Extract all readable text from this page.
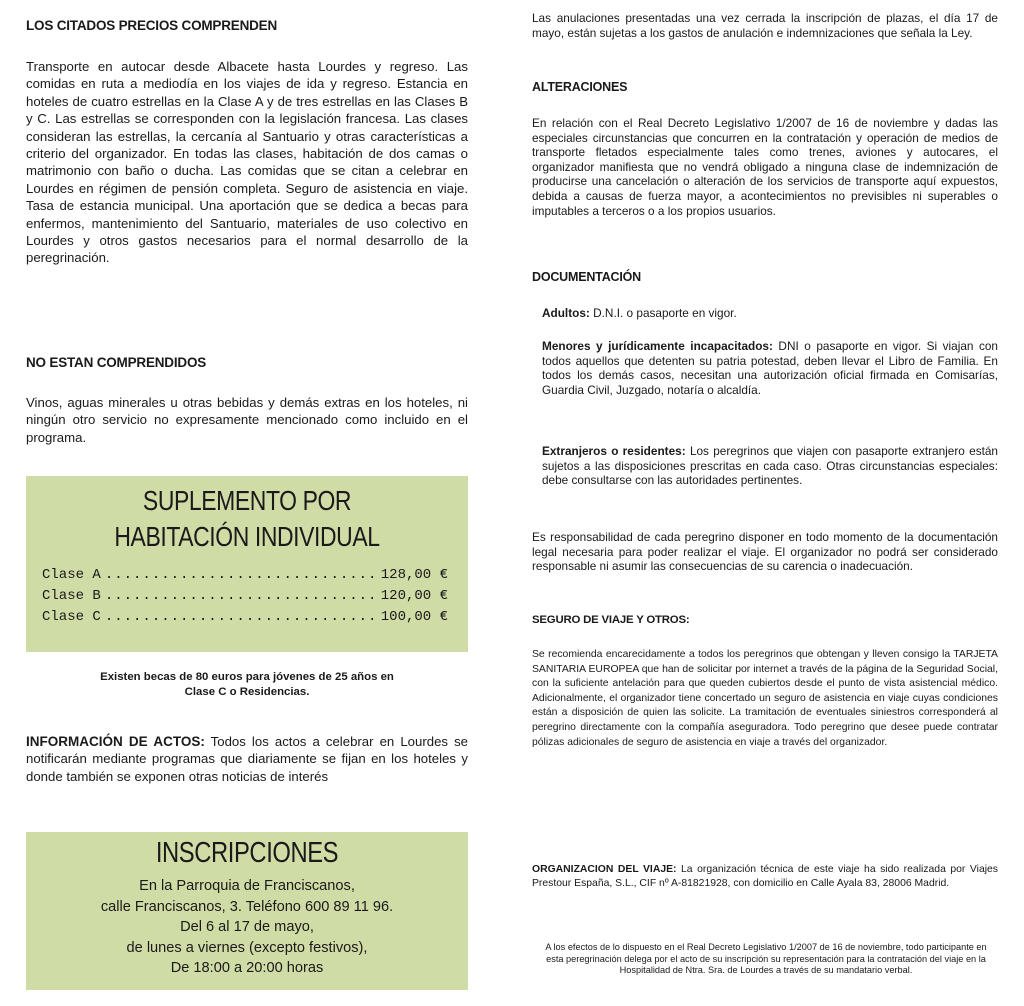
LOS CITADOS PRECIOS COMPRENDEN
Transporte en autocar desde Albacete hasta Lourdes y regreso. Las comidas en ruta a mediodía en los viajes de ida y regreso. Estancia en hoteles de cuatro estrellas en la Clase A y de tres estrellas en las Clases B y C. Las estrellas se corresponden con la legislación francesa. Las clases consideran las estrellas, la cercanía al Santuario y otras características a criterio del organizador. En todas las clases, habitación de dos camas o matrimonio con baño o ducha. Las comidas que se citan a celebrar en Lourdes en régimen de pensión completa. Seguro de asistencia en viaje. Tasa de estancia municipal. Una aportación que se dedica a becas para enfermos, mantenimiento del Santuario, materiales de uso colectivo en Lourdes y otros gastos necesarios para el normal desarrollo de la peregrinación.
NO ESTAN COMPRENDIDOS
Vinos, aguas minerales u otras bebidas y demás extras en los hoteles, ni ningún otro servicio no expresamente mencionado como incluido en el programa.
SUPLEMENTO POR
HABITACIÓN INDIVIDUAL
Clase A .....	128,00 €
Clase B .....	120,00 €
Clase C .....	100,00 €
Existen becas de 80 euros para jóvenes de 25 años en
Clase C o Residencias.
INFORMACIÓN DE ACTOS: Todos los actos a celebrar en Lourdes se notificarán mediante programas que diariamente se fijan en los hoteles y donde también se exponen otras noticias de interés
INSCRIPCIONES
En la Parroquia de Franciscanos,
calle Franciscanos, 3. Teléfono 600 89 11 96.
Del 6 al 17 de mayo,
de lunes a viernes (excepto festivos),
De 18:00 a 20:00 horas
Las anulaciones presentadas una vez cerrada la inscripción de plazas, el día 17 de mayo, están sujetas a los gastos de anulación e indemnizaciones que señala la Ley.
ALTERACIONES
En relación con el Real Decreto Legislativo 1/2007 de 16 de noviembre y dadas las especiales circunstancias que concurren en la contratación y operación de medios de transporte fletados especialmente tales como trenes, aviones y autocares, el organizador manifiesta que no vendrá obligado a ninguna clase de indemnización de producirse una cancelación o alteración de los servicios de transporte aquí expuestos, debida a causas de fuerza mayor, a acontecimientos no previsibles ni superables o imputables a terceros o a los propios usuarios.
DOCUMENTACIÓN
Adultos: D.N.I. o pasaporte en vigor.
Menores y jurídicamente incapacitados: DNI o pasaporte en vigor. Si viajan con todos aquellos que detenten su patria potestad, deben llevar el Libro de Familia. En todos los demás casos, necesitan una autorización oficial firmada en Comisarías, Guardia Civil, Juzgado, notaría o alcaldía.
Extranjeros o residentes: Los peregrinos que viajen con pasaporte extranjero están sujetos a las disposiciones prescritas en cada caso. Otras circunstancias especiales: debe consultarse con las autoridades pertinentes.
Es responsabilidad de cada peregrino disponer en todo momento de la documentación legal necesaria para poder realizar el viaje. El organizador no podrá ser considerado responsable ni asumir las consecuencias de su carencia o inadecuación.
SEGURO DE VIAJE Y OTROS:
Se recomienda encarecidamente a todos los peregrinos que obtengan y lleven consigo la TARJETA SANITARIA EUROPEA que han de solicitar por internet a través de la página de la Seguridad Social, con la suficiente antelación para que queden cubiertos desde el punto de vista asistencial médico. Adicionalmente, el organizador tiene concertado un seguro de asistencia en viaje cuyas condiciones están a disposición de quien las solicite. La tramitación de eventuales siniestros corresponderá al peregrino directamente con la compañía aseguradora. Todo peregrino que desee puede contratar pólizas adicionales de seguro de asistencia en viaje a través del organizador.
ORGANIZACION DEL VIAJE: La organización técnica de este viaje ha sido realizada por Viajes Prestour España, S.L., CIF nº A-81821928, con domicilio en Calle Ayala 83, 28006 Madrid.
A los efectos de lo dispuesto en el Real Decreto Legislativo 1/2007 de 16 de noviembre, todo participante en esta peregrinación delega por el acto de su inscripción su representación para la contratación del viaje en la Hospitalidad de Ntra. Sra. de Lourdes a través de su mandatario verbal.
